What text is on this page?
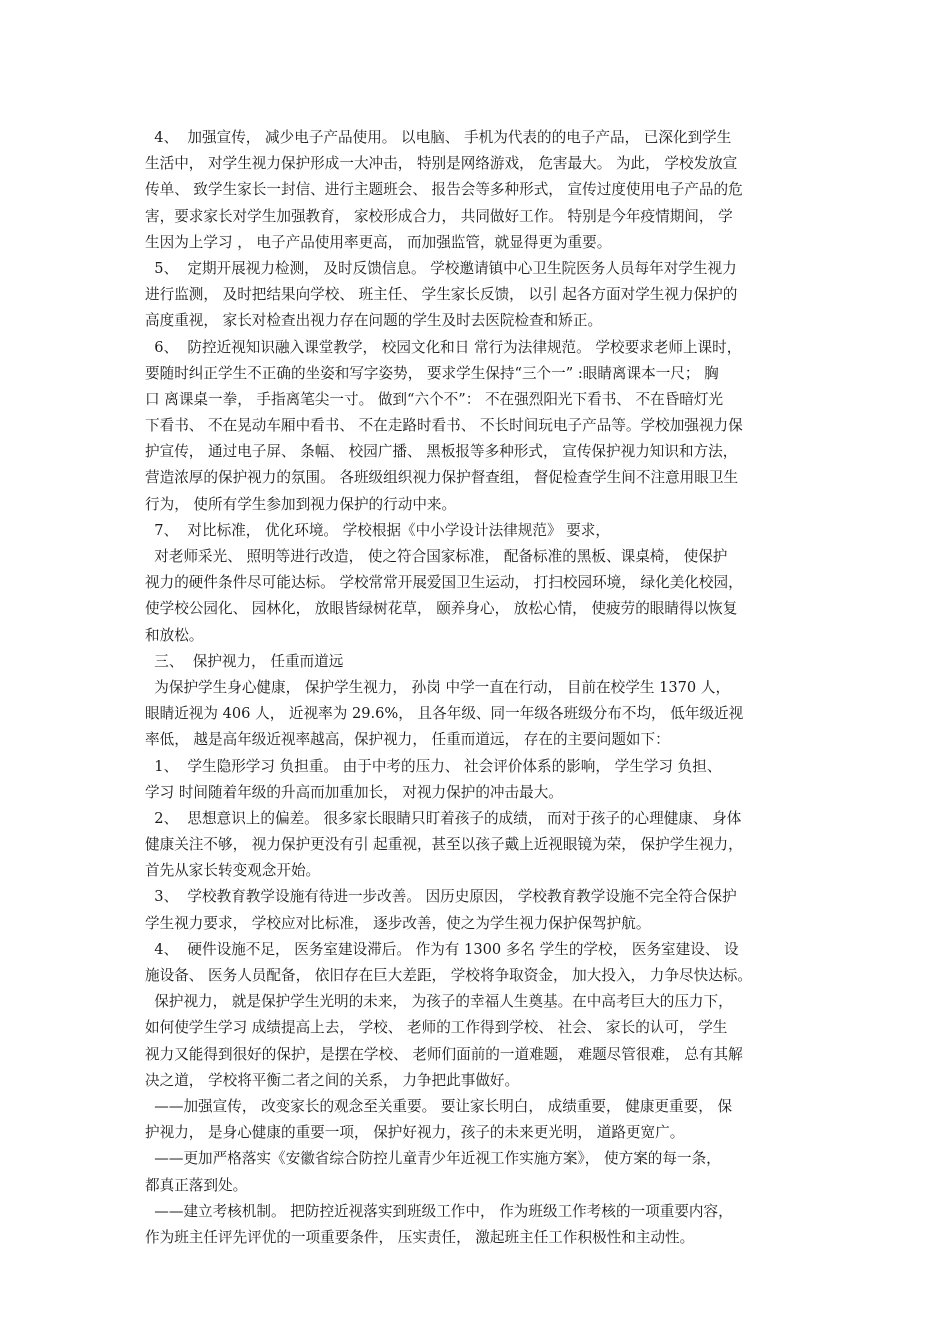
4、  加强宣传， 减少电子产品使用。 以电脑、 手机为代表的的电子产品， 已深化到学生
生活中， 对学生视力保护形成一大冲击， 特别是网络游戏， 危害最大。 为此， 学校发放宣
传单、 致学生家长一封信、进行主题班会、 报告会等多种形式， 宣传过度使用电子产品的危
害，要求家长对学生加强教育， 家校形成合力， 共同做好工作。 特别是今年疫情期间， 学
生因为上学习 ， 电子产品使用率更高， 而加强监管，就显得更为重要。
5、  定期开展视力检测， 及时反馈信息。 学校邀请镇中心卫生院医务人员每年对学生视力
进行监测， 及时把结果向学校、 班主任、 学生家长反馈， 以引 起各方面对学生视力保护的
高度重视， 家长对检查出视力存在问题的学生及时去医院检查和矫正。
6、  防控近视知识融入课堂教学， 校园文化和日 常行为法律规范。 学校要求老师上课时，
要随时纠正学生不正确的坐姿和写字姿势， 要求学生保持“三个一” :眼睛离课本一尺； 胸
口 离课桌一拳， 手指离笔尖一寸。 做到“六个不”： 不在强烈阳光下看书、 不在昏暗灯光
下看书、 不在晃动车厢中看书、 不在走路时看书、 不长时间玩电子产品等。学校加强视力保
护宣传， 通过电子屏、 条幅、 校园广播、 黑板报等多种形式， 宣传保护视力知识和方法，
营造浓厚的保护视力的氛围。 各班级组织视力保护督查组， 督促检查学生间不注意用眼卫生
行为， 使所有学生参加到视力保护的行动中来。
7、  对比标准， 优化环境。 学校根据《中小学设计法律规范》 要求，
对老师采光、 照明等进行改造， 使之符合国家标准， 配备标准的黑板、课桌椅， 使保护
视力的硬件条件尽可能达标。 学校常常开展爱国卫生运动， 打扫校园环境， 绿化美化校园，
使学校公园化、 园林化， 放眼皆绿树花草， 颐养身心， 放松心情， 使疲劳的眼睛得以恢复
和放松。
三、  保护视力， 任重而道远
为保护学生身心健康， 保护学生视力， 孙岗 中学一直在行动， 目前在校学生 1370 人，
眼睛近视为 406 人， 近视率为 29.6%， 且各年级、同一年级各班级分布不均， 低年级近视
率低， 越是高年级近视率越高，保护视力， 任重而道远， 存在的主要问题如下：
1、  学生隐形学习 负担重。 由于中考的压力、 社会评价体系的影响， 学生学习 负担、
学习 时间随着年级的升高而加重加长， 对视力保护的冲击最大。
2、  思想意识上的偏差。 很多家长眼睛只盯着孩子的成绩， 而对于孩子的心理健康、 身体
健康关注不够， 视力保护更没有引 起重视，甚至以孩子戴上近视眼镜为荣， 保护学生视力，
首先从家长转变观念开始。
3、  学校教育教学设施有待进一步改善。 因历史原因， 学校教育教学设施不完全符合保护
学生视力要求， 学校应对比标准， 逐步改善，使之为学生视力保护保驾护航。
4、  硬件设施不足， 医务室建设滞后。 作为有 1300 多名 学生的学校， 医务室建设、 设
施设备、 医务人员配备， 依旧存在巨大差距， 学校将争取资金， 加大投入， 力争尽快达标。
保护视力， 就是保护学生光明的未来， 为孩子的幸福人生奠基。在中高考巨大的压力下，
如何使学生学习 成绩提高上去， 学校、 老师的工作得到学校、 社会、 家长的认可， 学生
视力又能得到很好的保护，是摆在学校、 老师们面前的一道难题， 难题尽管很难， 总有其解
决之道， 学校将平衡二者之间的关系， 力争把此事做好。
——加强宣传， 改变家长的观念至关重要。 要让家长明白， 成绩重要， 健康更重要， 保
护视力， 是身心健康的重要一项， 保护好视力，孩子的未来更光明， 道路更宽广。
——更加严格落实《安徽省综合防控儿童青少年近视工作实施方案》， 使方案的每一条，
都真正落到处。
——建立考核机制。 把防控近视落实到班级工作中， 作为班级工作考核的一项重要内容，
作为班主任评先评优的一项重要条件， 压实责任， 激起班主任工作积极性和主动性。
